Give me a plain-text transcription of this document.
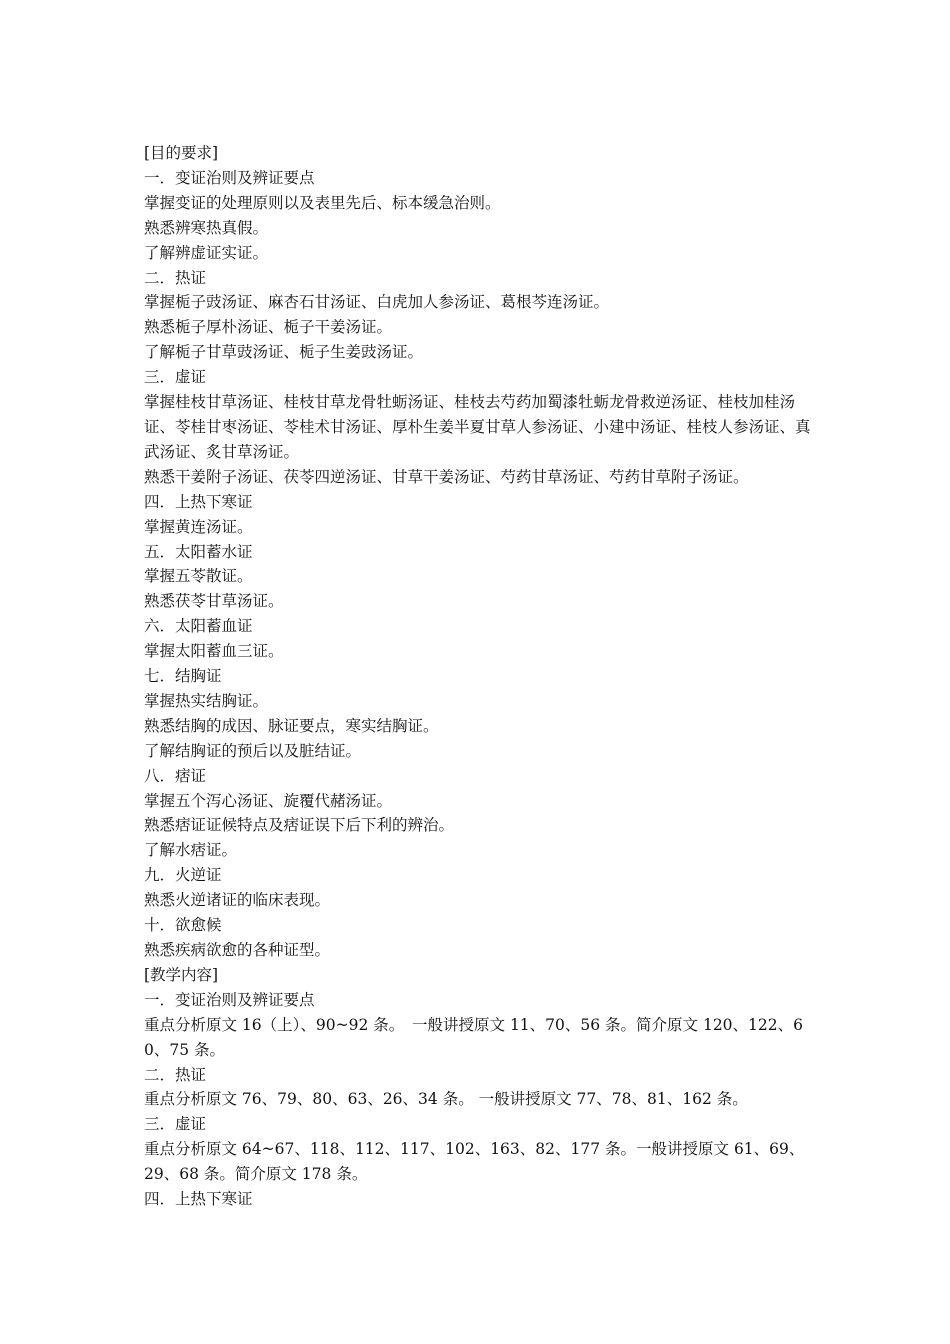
[目的要求]
一．变证治则及辨证要点
掌握变证的处理原则以及表里先后、标本缓急治则。
熟悉辨寒热真假。
了解辨虚证实证。
二．热证
掌握栀子豉汤证、麻杏石甘汤证、白虎加人参汤证、葛根芩连汤证。
熟悉栀子厚朴汤证、栀子干姜汤证。
了解栀子甘草豉汤证、栀子生姜豉汤证。
三．虚证
掌握桂枝甘草汤证、桂枝甘草龙骨牡蛎汤证、桂枝去芍药加蜀漆牡蛎龙骨救逆汤证、桂枝加桂汤证、苓桂甘枣汤证、苓桂术甘汤证、厚朴生姜半夏甘草人参汤证、小建中汤证、桂枝人参汤证、真武汤证、炙甘草汤证。
熟悉干姜附子汤证、茯苓四逆汤证、甘草干姜汤证、芍药甘草汤证、芍药甘草附子汤证。
四．上热下寒证
掌握黄连汤证。
五．太阳蓄水证
掌握五苓散证。
熟悉茯苓甘草汤证。
六．太阳蓄血证
掌握太阳蓄血三证。
七．结胸证
掌握热实结胸证。
熟悉结胸的成因、脉证要点，寒实结胸证。
了解结胸证的预后以及脏结证。
八．痞证
掌握五个泻心汤证、旋覆代赭汤证。
熟悉痞证证候特点及痞证误下后下利的辨治。
了解水痞证。
九．火逆证
熟悉火逆诸证的临床表现。
十．欲愈候
熟悉疾病欲愈的各种证型。
[教学内容]
一．变证治则及辨证要点
重点分析原文 16（上）、90~92 条。　一般讲授原文 11、70、56 条。简介原文 120、122、60、75 条。
二．热证
重点分析原文 76、79、80、63、26、34 条。 一般讲授原文 77、78、81、162 条。
三．虚证
重点分析原文 64~67、118、112、117、102、163、82、177 条。一般讲授原文 61、69、29、68 条。简介原文 178 条。
四．上热下寒证
